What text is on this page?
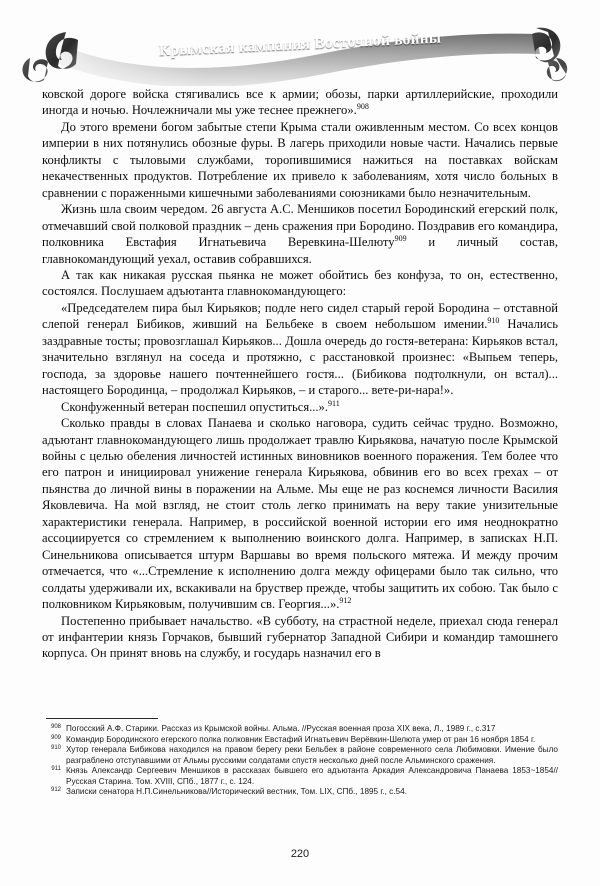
Крымская кампания Восточной войны

ковской дороге войска стягивались все к армии; обозы, парки артиллерийские, проходили иногда и ночью. Ночлежничали мы уже теснее прежнего».$^{908}$

До этого времени богом забытые степи Крыма стали оживленным местом. Со всех концов империи в них потянулись обозные фуры. В лагерь приходили новые части. Начались первые конфликты с тыловыми службами, торопившимися нажиться на поставках войскам некачественных продуктов. Потребление их привело к заболеваниям, хотя число больных в сравнении с пораженными кишечными заболеваниями союзниками было незначительным.

Жизнь шла своим чередом. 26 августа А.С. Меншиков посетил Бородинский егерский полк, отмечавший свой полковой праздник – день сражения при Бородино. Поздравив его командира, полковника Евстафия Игнатьевича Веревкина-Шелюту$^{909}$ и личный состав, главнокомандующий уехал, оставив собравшихся.

А так как никакая русская пьянка не может обойтись без конфуза, то он, естественно, состоялся. Послушаем адъютанта главнокомандующего:

«Председателем пира был Кирьяков; подле него сидел старый герой Бородина – отставной слепой генерал Бибиков, живший на Бельбеке в своем небольшом имении.$^{910}$ Начались заздравные тосты; провозглашал Кирьяков... Дошла очередь до гостя-ветерана: Кирьяков встал, значительно взглянул на соседа и протяжно, с расстановкой произнес: «Выпьем теперь, господа, за здоровье нашего почтеннейшего гостя... (Бибикова подтолкнули, он встал)... настоящего Бородинца, – продолжал Кирьяков, – и старого... вете-ри-нара!».

Сконфуженный ветеран поспешил опуститься...».$^{911}$

Сколько правды в словах Панаева и сколько наговора, судить сейчас трудно. Возможно, адъютант главнокомандующего лишь продолжает травлю Кирьякова, начатую после Крымской войны с целью обеления личностей истинных виновников военного поражения. Тем более что его патрон и инициировал унижение генерала Кирьякова, обвинив его во всех грехах – от пьянства до личной вины в поражении на Альме. Мы еще не раз коснемся личности Василия Яковлевича. На мой взгляд, не стоит столь легко принимать на веру такие унизительные характеристики генерала. Например, в российской военной истории его имя неоднократно ассоциируется со стремлением к выполнению воинского долга. Например, в записках Н.П. Синельникова описывается штурм Варшавы во время польского мятежа. И между прочим отмечается, что «...Стремление к исполнению долга между офицерами было так сильно, что солдаты удерживали их, вскакивали на бруствер прежде, чтобы защитить их собою. Так было с полковником Кирьяковым, получившим св. Георгия...».$^{912}$

Постепенно прибывает начальство. «В субботу, на страстной неделе, приехал сюда генерал от инфантерии князь Горчаков, бывший губернатор Западной Сибири и командир тамошнего корпуса. Он принят вновь на службу, и государь назначил его в

908 Погосский А.Ф. Старики. Рассказ из Крымской войны. Альма. //Русская военная проза XIX века, Л., 1989 г., с.317
909 Командир Бородинского егерского полка полковник Евстафий Игнатьевич Верёвкин-Шелюта умер от ран 16 ноября 1854 г.
910 Хутор генерала Бибикова находился на правом берегу реки Бельбек в районе современного села Любимовки. Имение было разграблено отступавшими от Альмы русскими солдатами спустя несколько дней после Альминского сражения.
911 Князь Александр Сергеевич Меншиков в рассказах бывшего его адъютанта Аркадия Александровича Панаева 1853~1854//Русская Старина. Том. XVIII, СПб., 1877 г., с. 124.
912 Записки сенатора Н.П.Синельникова//Исторический вестник, Том. LIX, СПб., 1895 г., с.54.
220
